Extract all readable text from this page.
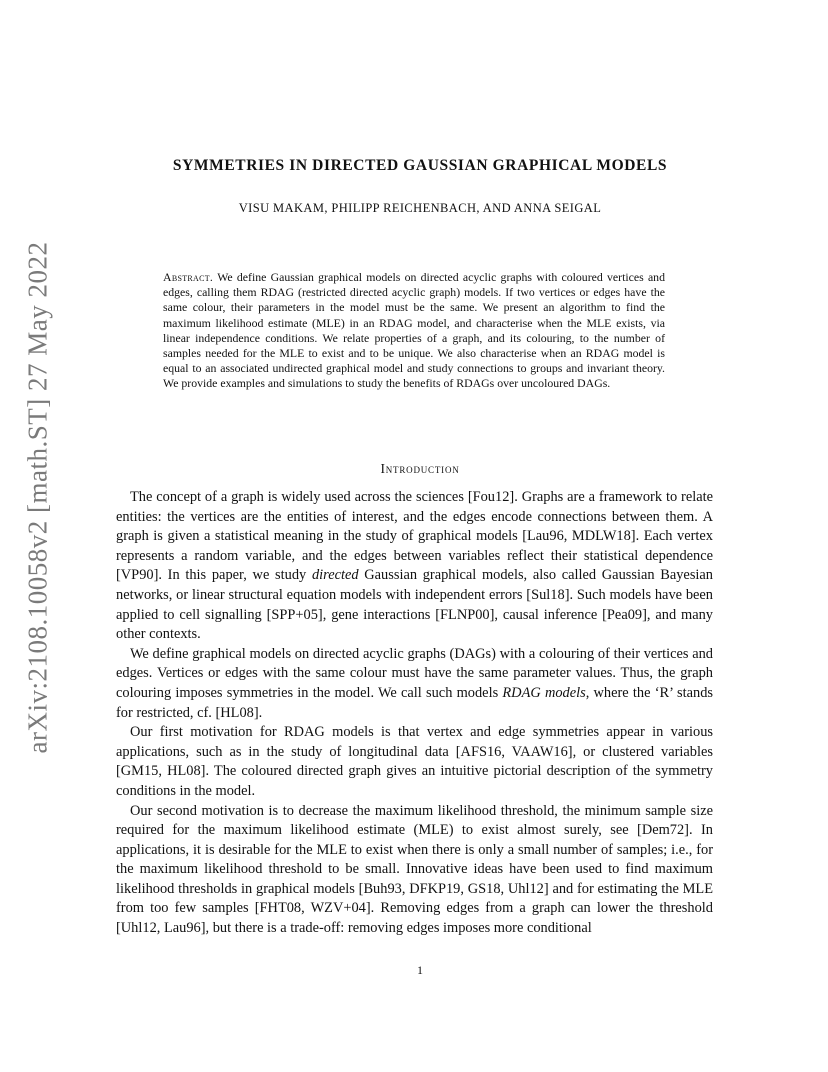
arXiv:2108.10058v2 [math.ST] 27 May 2022
SYMMETRIES IN DIRECTED GAUSSIAN GRAPHICAL MODELS
VISU MAKAM, PHILIPP REICHENBACH, AND ANNA SEIGAL
Abstract. We define Gaussian graphical models on directed acyclic graphs with coloured vertices and edges, calling them RDAG (restricted directed acyclic graph) models. If two vertices or edges have the same colour, their parameters in the model must be the same. We present an algorithm to find the maximum likelihood estimate (MLE) in an RDAG model, and characterise when the MLE exists, via linear independence conditions. We relate properties of a graph, and its colouring, to the number of samples needed for the MLE to exist and to be unique. We also characterise when an RDAG model is equal to an associated undirected graphical model and study connections to groups and invariant theory. We provide examples and simulations to study the benefits of RDAGs over uncoloured DAGs.
Introduction

The concept of a graph is widely used across the sciences [Fou12]. Graphs are a framework to relate entities: the vertices are the entities of interest, and the edges encode connections between them. A graph is given a statistical meaning in the study of graphical models [Lau96, MDLW18]. Each vertex represents a random variable, and the edges between variables reflect their statistical dependence [VP90]. In this paper, we study directed Gaussian graphical models, also called Gaussian Bayesian networks, or linear structural equation models with independent errors [Sul18]. Such models have been applied to cell signalling [SPP+05], gene interactions [FLNP00], causal inference [Pea09], and many other contexts.

We define graphical models on directed acyclic graphs (DAGs) with a colouring of their vertices and edges. Vertices or edges with the same colour must have the same parameter values. Thus, the graph colouring imposes symmetries in the model. We call such models RDAG models, where the ‘R’ stands for restricted, cf. [HL08].

Our first motivation for RDAG models is that vertex and edge symmetries appear in various applications, such as in the study of longitudinal data [AFS16, VAAW16], or clustered variables [GM15, HL08]. The coloured directed graph gives an intuitive pictorial description of the symmetry conditions in the model.

Our second motivation is to decrease the maximum likelihood threshold, the minimum sample size required for the maximum likelihood estimate (MLE) to exist almost surely, see [Dem72]. In applications, it is desirable for the MLE to exist when there is only a small number of samples; i.e., for the maximum likelihood threshold to be small. Innovative ideas have been used to find maximum likelihood thresholds in graphical models [Buh93, DFKP19, GS18, Uhl12] and for estimating the MLE from too few samples [FHT08, WZV+04]. Removing edges from a graph can lower the threshold [Uhl12, Lau96], but there is a trade-off: removing edges imposes more conditional

1
